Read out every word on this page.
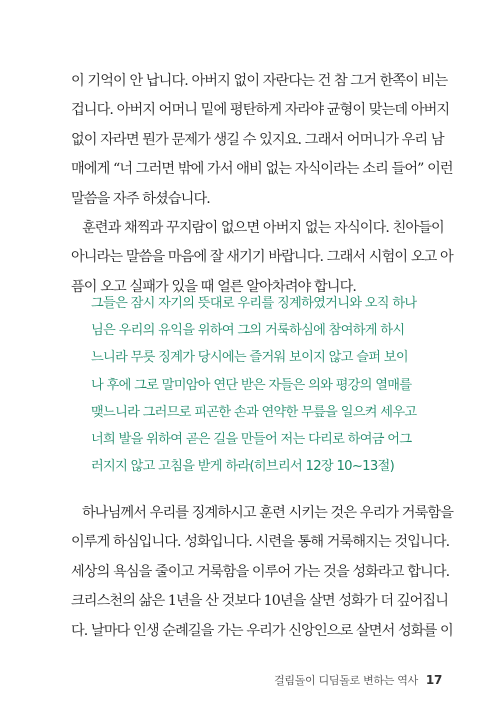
이 기억이 안 납니다. 아버지 없이 자란다는 건 참 그거 한쪽이 비는
겁니다. 아버지 어머니 밑에 평탄하게 자라야 균형이 맞는데 아버지
없이 자라면 뭔가 문제가 생길 수 있지요. 그래서 어머니가 우리 남
매에게 “너 그러면 밖에 가서 애비 없는 자식이라는 소리 들어” 이런
말씀을 자주 하셨습니다.
훈련과 채찍과 꾸지람이 없으면 아버지 없는 자식이다. 친아들이
아니라는 말씀을 마음에 잘 새기기 바랍니다. 그래서 시험이 오고 아
픔이 오고 실패가 있을 때 얼른 알아차려야 합니다.
그들은 잠시 자기의 뜻대로 우리를 징계하였거니와 오직 하나
님은 우리의 유익을 위하여 그의 거룩하심에 참여하게 하시
느니라 무릇 징계가 당시에는 즐거워 보이지 않고 슬퍼 보이
나 후에 그로 말미암아 연단 받은 자들은 의와 평강의 열매를
맺느니라 그러므로 피곤한 손과 연약한 무릎을 일으켜 세우고
너희 발을 위하여 곧은 길을 만들어 저는 다리로 하여금 어그
러지지 않고 고침을 받게 하라(히브리서 12장 10~13절)
하나님께서 우리를 징계하시고 훈련 시키는 것은 우리가 거룩함을
이루게 하심입니다. 성화입니다. 시련을 통해 거룩해지는 것입니다.
세상의 욕심을 줄이고 거룩함을 이루어 가는 것을 성화라고 합니다.
크리스천의 삶은 1년을 산 것보다 10년을 살면 성화가 더 깊어집니
다. 날마다 인생 순례길을 가는 우리가 신앙인으로 살면서 성화를 이
걸림돌이 디딤돌로 변하는 역사 17
